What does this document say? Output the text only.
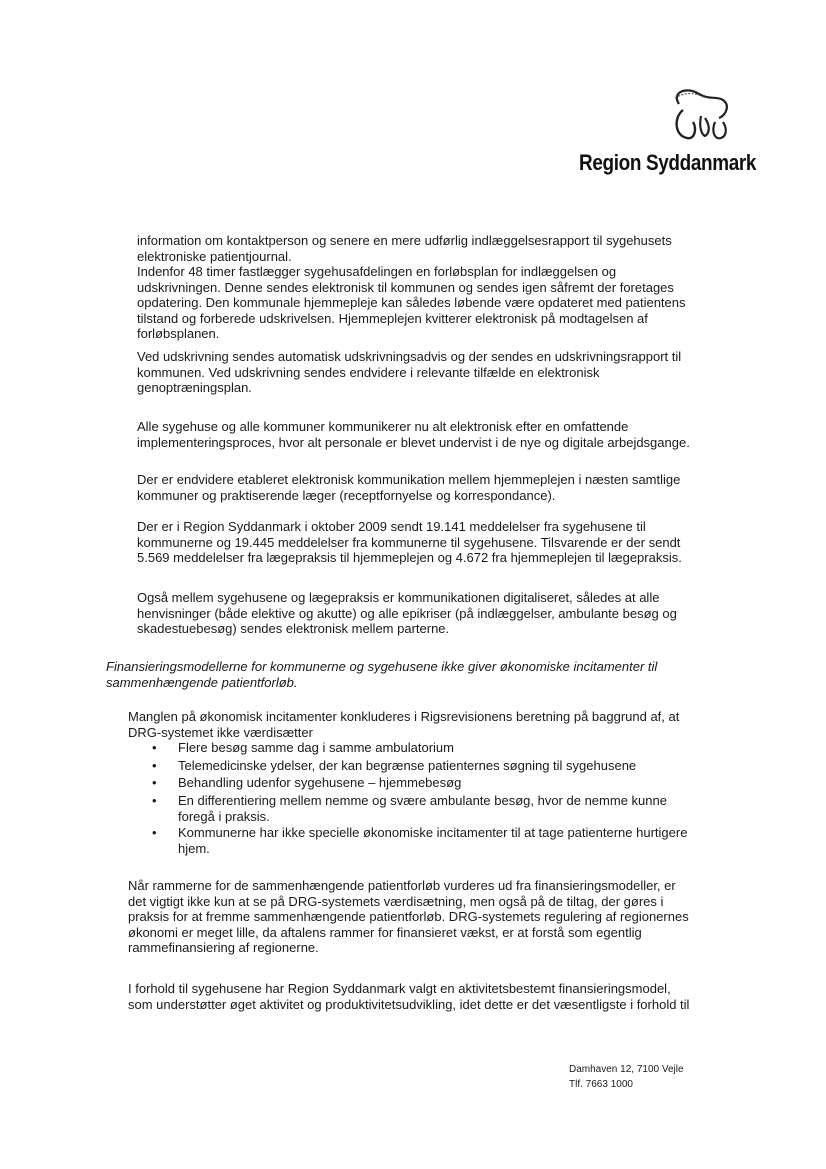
Region Syddanmark
information om kontaktperson og senere en mere udførlig indlæggelsesrapport til sygehusets
elektroniske patientjournal.
Indenfor 48 timer fastlægger sygehusafdelingen en forløbsplan for indlæggelsen og
udskrivningen. Denne sendes elektronisk til kommunen og sendes igen såfremt der foretages
opdatering. Den kommunale hjemmepleje kan således løbende være opdateret med patientens
tilstand og forberede udskrivelsen. Hjemmeplejen kvitterer elektronisk på modtagelsen af
forløbsplanen.
Ved udskrivning sendes automatisk udskrivningsadvis og der sendes en udskrivningsrapport til
kommunen. Ved udskrivning sendes endvidere i relevante tilfælde en elektronisk
genoptræningsplan.
Alle sygehuse og alle kommuner kommunikerer nu alt elektronisk efter en omfattende
implementeringsproces, hvor alt personale er blevet undervist i de nye og digitale arbejdsgange.
Der er endvidere etableret elektronisk kommunikation mellem hjemmeplejen i næsten samtlige
kommuner og praktiserende læger (receptfornyelse og korrespondance).
Der er i Region Syddanmark i oktober 2009 sendt 19.141 meddelelser fra sygehusene til
kommunerne og 19.445 meddelelser fra kommunerne til sygehusene. Tilsvarende er der sendt
5.569 meddelelser fra lægepraksis til hjemmeplejen og 4.672 fra hjemmeplejen til lægepraksis.
Også mellem sygehusene og lægepraksis er kommunikationen digitaliseret, således at alle
henvisninger (både elektive og akutte) og alle epikriser (på indlæggelser, ambulante besøg og
skadestuebesøg) sendes elektronisk mellem parterne.
Finansieringsmodellerne for kommunerne og sygehusene ikke giver økonomiske incitamenter til
sammenhængende patientforløb.
Manglen på økonomisk incitamenter konkluderes i Rigsrevisionens beretning på baggrund af, at
DRG-systemet ikke værdisætter
• Flere besøg samme dag i samme ambulatorium
• Telemedicinske ydelser, der kan begrænse patienternes søgning til sygehusene
• Behandling udenfor sygehusene – hjemmebesøg
• En differentiering mellem nemme og svære ambulante besøg, hvor de nemme kunne
foregå i praksis.
• Kommunerne har ikke specielle økonomiske incitamenter til at tage patienterne hurtigere
hjem.
Når rammerne for de sammenhængende patientforløb vurderes ud fra finansieringsmodeller, er
det vigtigt ikke kun at se på DRG-systemets værdisætning, men også på de tiltag, der gøres i
praksis for at fremme sammenhængende patientforløb. DRG-systemets regulering af regionernes
økonomi er meget lille, da aftalens rammer for finansieret vækst, er at forstå som egentlig
rammefinansiering af regionerne.
I forhold til sygehusene har Region Syddanmark valgt en aktivitetsbestemt finansieringsmodel,
som understøtter øget aktivitet og produktivitetsudvikling, idet dette er det væsentligste i forhold til
Damhaven 12, 7100 Vejle
Tlf. 7663 1000
